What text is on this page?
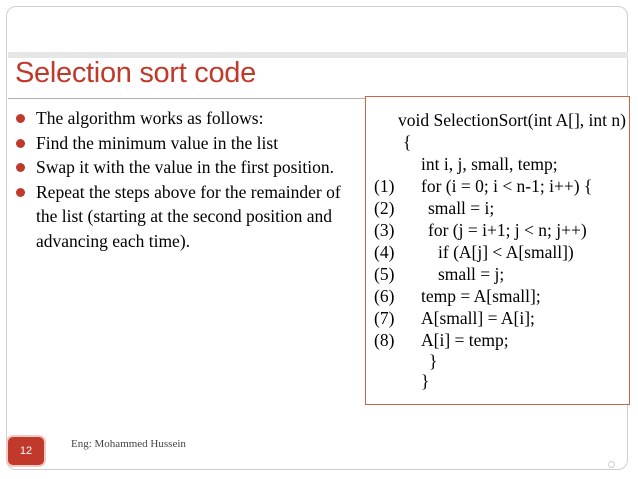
Selection sort code
The algorithm works as follows:
Find the minimum value in the list
Swap it with the value in the first position.
Repeat the steps above for the remainder of the list (starting at the second position and advancing each time).
void SelectionSort(int A[], int n)
{
int i, j, small, temp;
(1) for (i = 0; i < n-1; i++) {
(2) small = i;
(3) for (j = i+1; j < n; j++)
(4) if (A[j] < A[small])
(5) small = j;
(6) temp = A[small];
(7) A[small] = A[i];
(8) A[i] = temp;
}
}
12
Eng: Mohammed Hussein
